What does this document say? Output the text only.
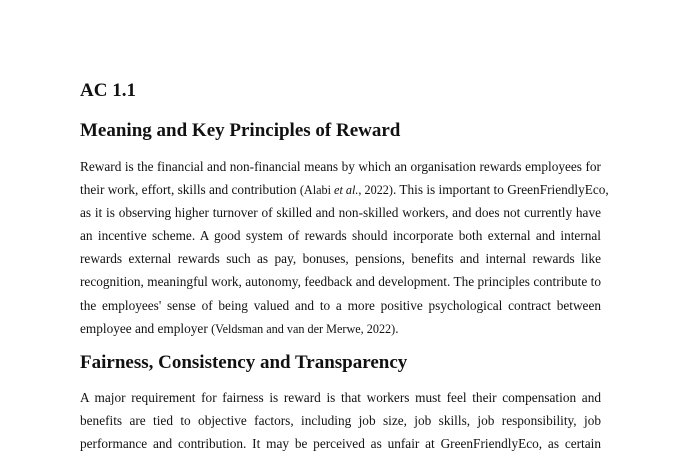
AC 1.1
Meaning and Key Principles of Reward
Reward is the financial and non-financial means by which an organisation rewards employees for
their work, effort, skills and contribution (Alabi et al., 2022). This is important to GreenFriendlyEco,
as it is observing higher turnover of skilled and non-skilled workers, and does not currently have
an incentive scheme. A good system of rewards should incorporate both external and internal
rewards external rewards such as pay, bonuses, pensions, benefits and internal rewards like
recognition, meaningful work, autonomy, feedback and development. The principles contribute to
the employees' sense of being valued and to a more positive psychological contract between
employee and employer (Veldsman and van der Merwe, 2022).
Fairness, Consistency and Transparency
A major requirement for fairness is reward is that workers must feel their compensation and
benefits are tied to objective factors, including job size, job skills, job responsibility, job
performance and contribution. It may be perceived as unfair at GreenFriendlyEco, as certain
